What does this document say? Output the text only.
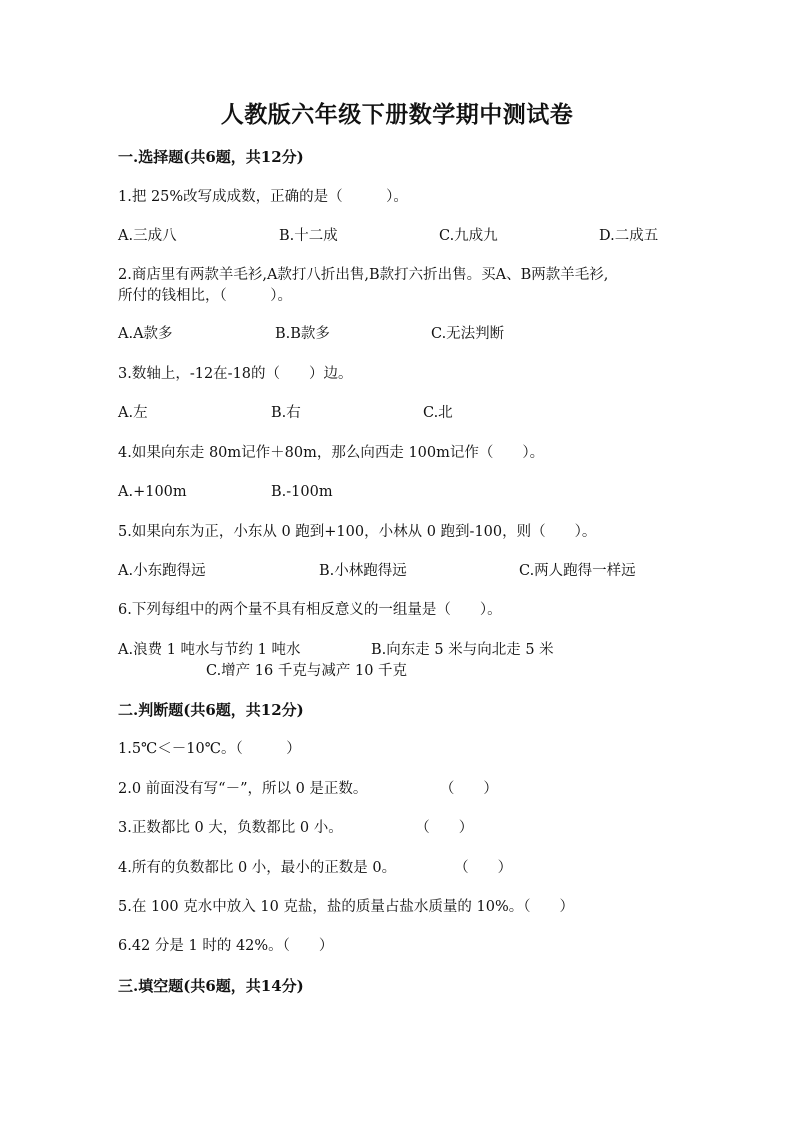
人教版六年级下册数学期中测试卷
一.选择题(共6题，共12分)
1.把 25%改写成成数，正确的是（　　　）。
A.三成八	B.十二成	C.九成九	D.二成五
2.商店里有两款羊毛衫,A款打八折出售,B款打六折出售。买A、B两款羊毛衫,
所付的钱相比，（　　　）。
A.A款多	B.B款多	C.无法判断
3.数轴上，-12在-18的（　　）边。
A.左	B.右	C.北
4.如果向东走 80m记作＋80m，那么向西走 100m记作（　　）。
A.+100m	B.-100m
5.如果向东为正，小东从 0 跑到+100，小林从 0 跑到-100，则（　　）。
A.小东跑得远	B.小林跑得远	C.两人跑得一样远
6.下列每组中的两个量不具有相反意义的一组量是（　　）。
A.浪费 1 吨水与节约 1 吨水	B.向东走 5 米与向北走 5 米
C.增产 16 千克与减产 10 千克
二.判断题(共6题，共12分)
1.5℃＜－10℃。（　　　）
2.0 前面没有写“－”，所以 0 是正数。　　　　　　（　　）
3.正数都比 0 大，负数都比 0 小。　　　　　　（　　）
4.所有的负数都比 0 小，最小的正数是 0。　　　　　（　　）
5.在 100 克水中放入 10 克盐，盐的质量占盐水质量的 10%。（　　）
6.42 分是 1 时的 42%。（　　）
三.填空题(共6题，共14分)
